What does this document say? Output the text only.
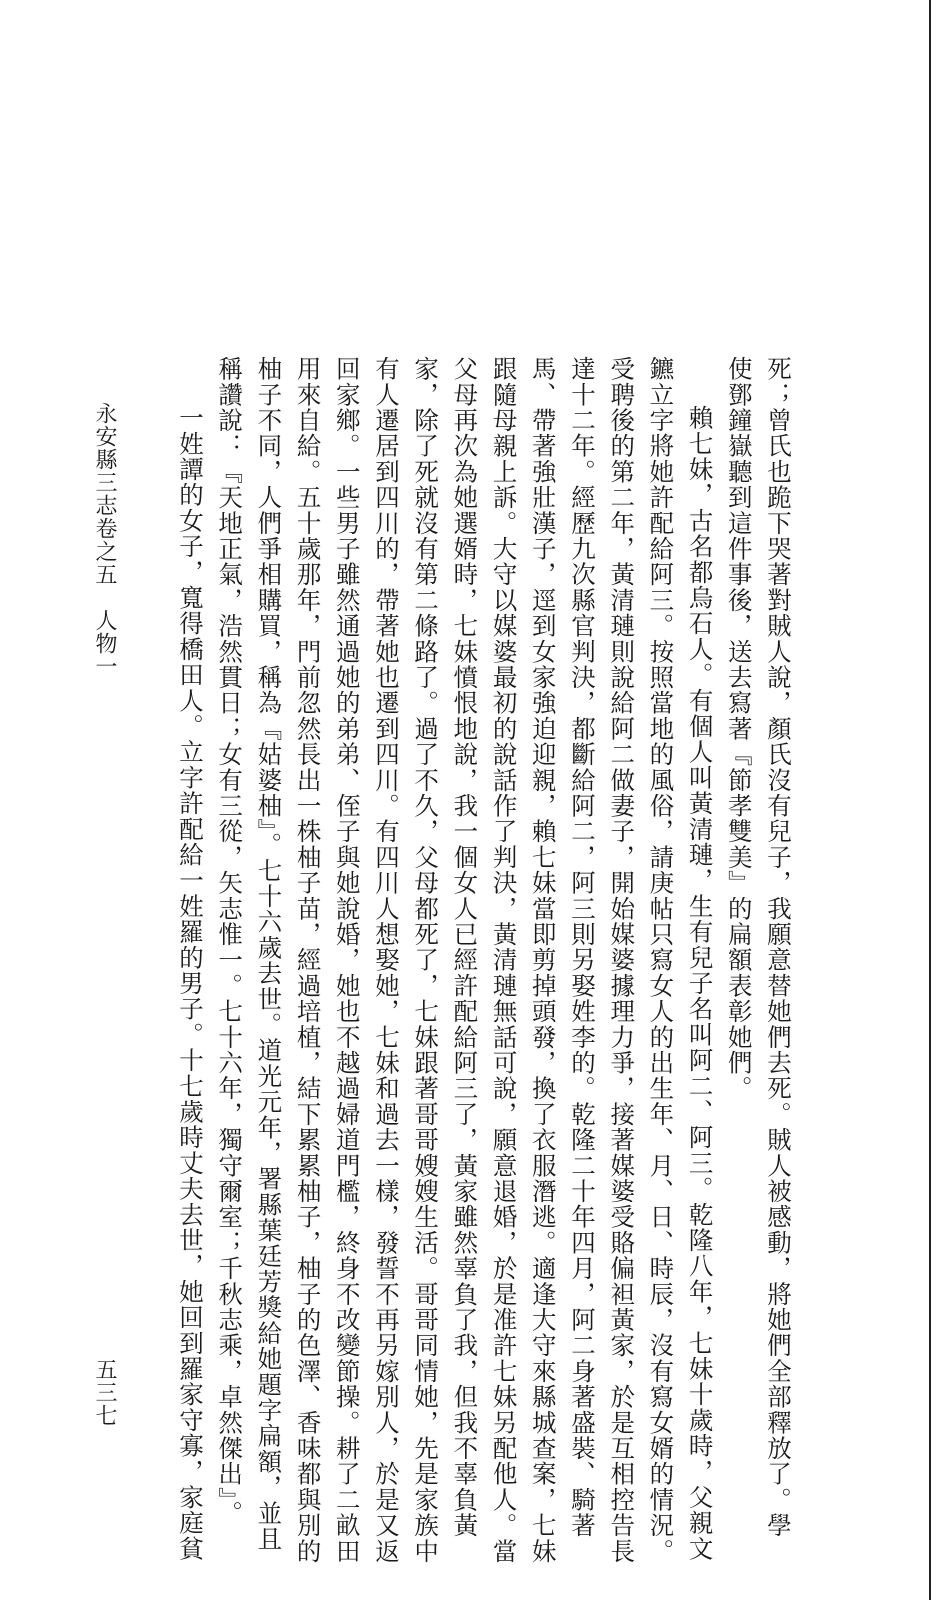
死；曾氏也跪下哭著對賊人說，顏氏沒有兒子，我願意替她們去死。賊人被感動，將她們全部釋放了。學

使鄧鐘嶽聽到這件事後，送去寫著『節孝雙美』的扁額表彰她們。

賴七妹，古名都烏石人。有個人叫黃清璉，生有兒子名叫阿二、阿三。乾隆八年，七妹十歲時，父親文

鑣立字將她許配給阿三。按照當地的風俗，請庚帖只寫女人的出生年、月、日、時辰，沒有寫女婿的情況。

受聘後的第二年，黃清璉則說給阿二做妻子，開始媒婆據理力爭，接著媒婆受賂偏袒黃家，於是互相控告長

達十二年。經歷九次縣官判決，都斷給阿二，阿三則另娶姓李的。乾隆二十年四月，阿二身著盛裝、騎著

馬、帶著強壯漢子，逕到女家強迫迎親，賴七妹當即剪掉頭發，換了衣服潛逃。適逢大守來縣城查案，七妹

跟隨母親上訴。大守以媒婆最初的說話作了判決，黃清璉無話可說，願意退婚，於是准許七妹另配他人。當

父母再次為她選婿時，七妹憤恨地說，我一個女人已經許配給阿三了，黃家雖然辜負了我，但我不辜負黃

家，除了死就沒有第二條路了。過了不久，父母都死了，七妹跟著哥哥嫂嫂生活。哥哥同情她，先是家族中

有人遷居到四川的，帶著她也遷到四川。有四川人想娶她，七妹和過去一樣，發誓不再另嫁別人，於是又返

回家鄉。一些男子雖然通過她的弟弟、侄子與她說婚，她也不越過婦道門檻，終身不改變節操。耕了二畝田

用來自給。五十歲那年，門前忽然長出一株柚子苗，經過培植，結下累累柚子，柚子的色澤、香味都與別的

柚子不同，人們爭相購買，稱為『姑婆柚』。七十六歲去世。道光元年，署縣葉廷芳獎給她題字扁額，並且

稱讚說：『天地正氣，浩然貫日；女有三從，矢志惟一。七十六年，獨守爾室；千秋志乘，卓然傑出』。

一姓譚的女子，寬得橋田人。立字許配給一姓羅的男子。十七歲時丈夫去世，她回到羅家守寡，家庭貧

永安縣三志卷之五　人物一
五三七
